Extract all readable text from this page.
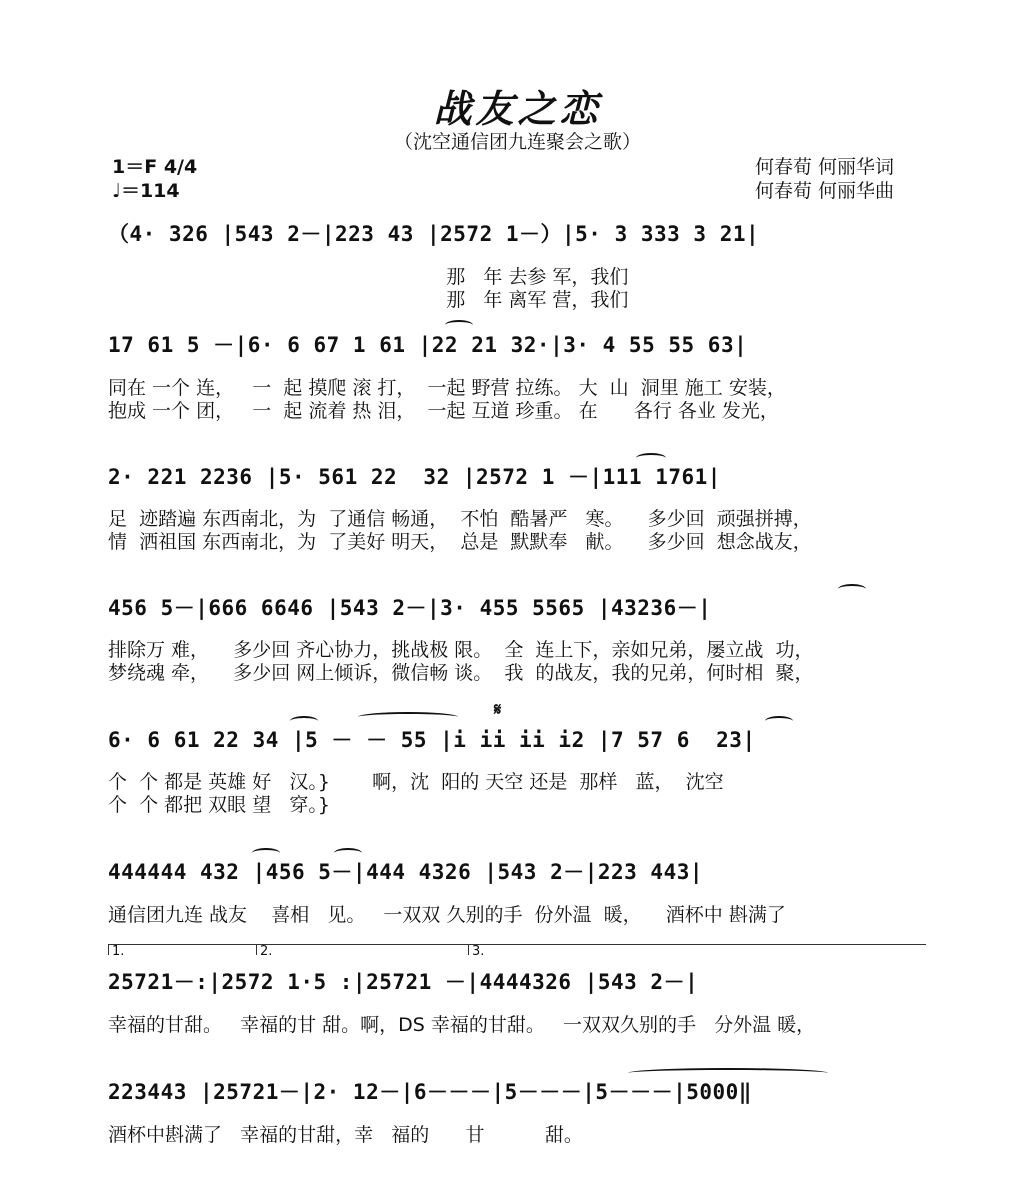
战友之恋
（沈空通信团九连聚会之歌）
1＝F 4/4
♩＝114
何春荀 何丽华词
何春荀 何丽华曲
（4· 326 |543 2－|223 43 |2572 1－）|5· 3 333 3 21|
那   年 去参 军，我们
那   年 离军 营，我们
17 61 5 －|6· 6 67 1 61 |22 21 32·|3· 4 55 55 63|
同在 一个 连，   一  起 摸爬 滚 打，  一起 野营 拉练。 大  山  洞里 施工 安装，
抱成 一个 团，   一  起 流着 热 泪，  一起 互道 珍重。 在      各行 各业 发光，
2· 221 2236 |5· 561 22  32 |2572 1 －|111 1761|
足  迹踏遍 东西南北，为  了通信 畅通，  不怕  酷暑严   寒。    多少回  顽强拼搏，
情  洒祖国 东西南北，为  了美好 明天，  总是  默默奉   献。    多少回  想念战友，
456 5－|666 6646 |543 2－|3· 455 5565 |43236－|
排除万 难，    多少回 齐心协力，挑战极 限。  全  连上下，亲如兄弟，屡立战  功，
梦绕魂 牵，    多少回 网上倾诉，微信畅 谈。  我  的战友，我的兄弟，何时相  聚，
𝄋
6· 6 61 22 34 |5 － － 55 |i ii ii i2 |7 57 6  23|
个  个 都是 英雄 好   汉。}       啊，沈  阳的 天空 还是  那样   蓝，  沈空
个  个 都把 双眼 望   穿。}
444444 432 |456 5－|444 4326 |543 2－|223 443|
通信团九连 战友    喜相   见。   一双双 久别的手  份外温  暖，    酒杯中 斟满了
1.	2.	3.
25721－:|2572 1·5 :|25721 －|4444326 |543 2－|
幸福的甘甜。   幸福的甘 甜。啊，DS 幸福的甘甜。   一双双久别的手   分外温 暖，
223443 |25721－|2· 12－|6－－－|5－－－|5－－－|5000‖
酒杯中斟满了   幸福的甘甜，幸   福的      甘          甜。
